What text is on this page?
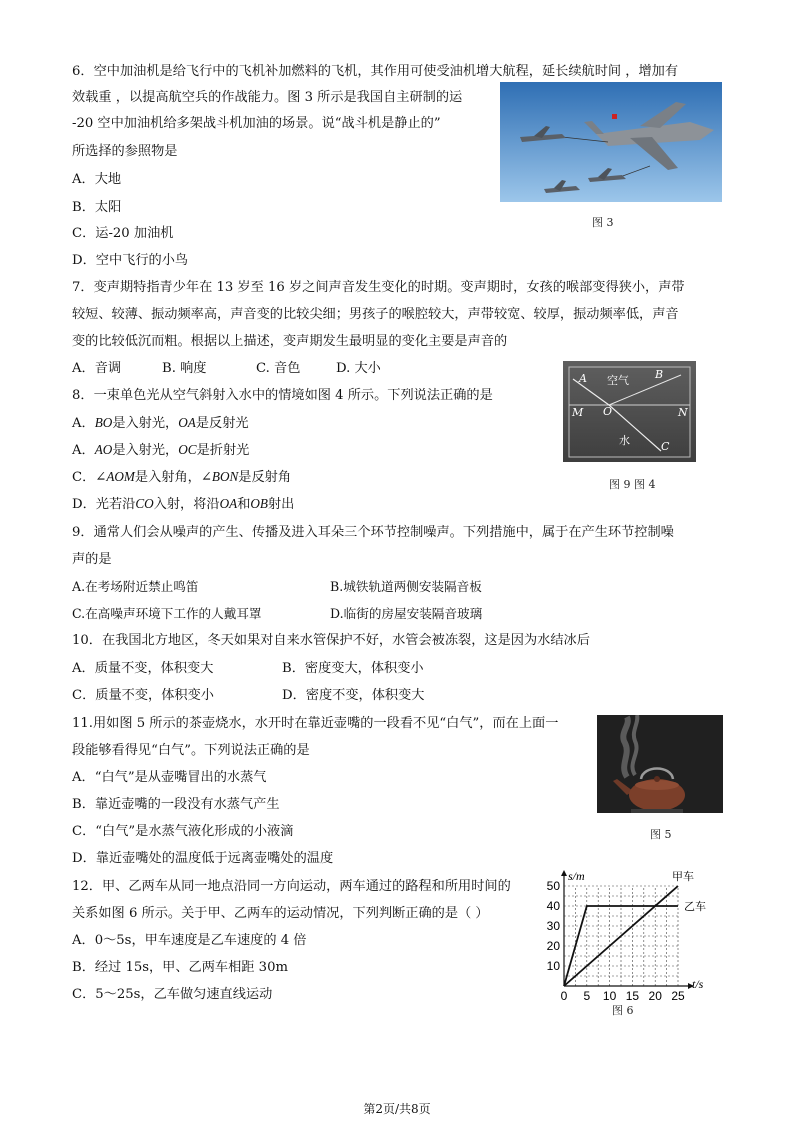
6．空中加油机是给飞行中的飞机补加燃料的飞机，其作用可使受油机增大航程，延长续航时间 ，增加有
效载重 ，以提高航空兵的作战能力。图 3 所示是我国自主研制的运
-20 空中加油机给多架战斗机加油的场景。说“战斗机是静止的”
所选择的参照物是
A．大地
B．太阳
C．运-20 加油机
D．空中飞行的小鸟
图 3
7．变声期特指青少年在 13 岁至 16 岁之间声音发生变化的时期。变声期时，女孩的喉部变得狭小，声带
较短、较薄、振动频率高，声音变的比较尖细；男孩子的喉腔较大，声带较宽、较厚，振动频率低，声音
变的比较低沉而粗。根据以上描述，变声期发生最明显的变化主要是声音的
A．音调	B. 响度	C. 音色	D. 大小
8．一束单色光从空气斜射入水中的情境如图 4 所示。下列说法正确的是
A．BO是入射光，OA是反射光
A．AO是入射光，OC是折射光
C．∠AOM是入射角，∠BON是反射角
D．光若沿CO入射，将沿OA和OB射出
A 空气 B
M O	N
水	C
图 9 图 4
9．通常人们会从噪声的产生、传播及进入耳朵三个环节控制噪声。下列措施中，属于在产生环节控制噪
声的是
A.在考场附近禁止鸣笛	B.城铁轨道两侧安装隔音板
C.在高噪声环境下工作的人戴耳罩	D.临街的房屋安装隔音玻璃
10．在我国北方地区，冬天如果对自来水管保护不好，水管会被冻裂，这是因为水结冰后
A．质量不变，体积变大	B．密度变大，体积变小
C．质量不变，体积变小	D．密度不变，体积变大
11.用如图 5 所示的茶壶烧水，水开时在靠近壶嘴的一段看不见“白气”，而在上面一
段能够看得见“白气”。下列说法正确的是
A．“白气”是从壶嘴冒出的水蒸气
B．靠近壶嘴的一段没有水蒸气产生
C．“白气”是水蒸气液化形成的小液滴
D．靠近壶嘴处的温度低于远离壶嘴处的温度
图 5
12．甲、乙两车从同一地点沿同一方向运动，两车通过的路程和所用时间的
关系如图 6 所示。关于甲、乙两车的运动情况，下列判断正确的是（ ）
A．0～5s，甲车速度是乙车速度的 4 倍
B．经过 15s，甲、乙两车相距 30m
C．5～25s，乙车做匀速直线运动	0 5 10 15 20 25
10
20
30
40
50
s/m
t/s
甲车
乙车
图 6
第2页/共8页
